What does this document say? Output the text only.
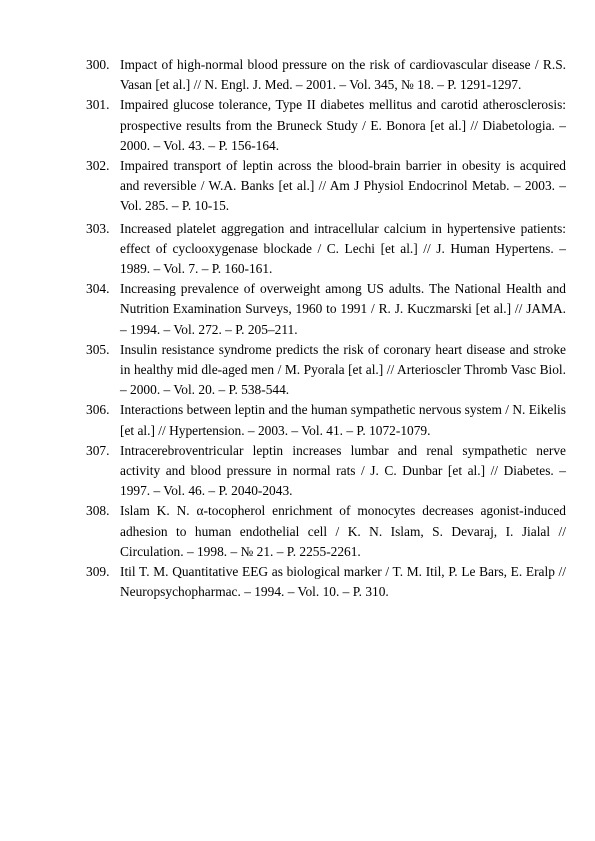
300. Impact of high-normal blood pressure on the risk of cardiovascular disease / R.S. Vasan [et al.] // N. Engl. J. Med. – 2001. – Vol. 345, № 18. – P. 1291-1297.
301. Impaired glucose tolerance, Type II diabetes mellitus and carotid atherosclerosis: prospective results from the Bruneck Study / E. Bonora [et al.] // Diabetologia. – 2000. – Vol. 43. – P. 156-164.
302. Impaired transport of leptin across the blood-brain barrier in obesity is acquired and reversible / W.A. Banks [et al.] // Am J Physiol Endocrinol Metab. – 2003. – Vol. 285. – P. 10-15.
303. Increased platelet aggregation and intracellular calcium in hypertensive patients: effect of cyclooxygenase blockade / C. Lechi [et al.] // J. Human Hypertens. – 1989. – Vol. 7. – P. 160-161.
304. Increasing prevalence of overweight among US adults. The National Health and Nutrition Examination Surveys, 1960 to 1991 / R. J. Kuczmarski [et al.] // JAMA. – 1994. – Vol. 272. – P. 205–211.
305. Insulin resistance syndrome predicts the risk of coronary heart disease and stroke in healthy mid dle-aged men / M. Pyorala [et al.] // Arterioscler Thromb Vasc Biol. – 2000. – Vol. 20. – P. 538-544.
306. Interactions between leptin and the human sympathetic nervous system / N. Eikelis [et al.] // Hypertension. – 2003. – Vol. 41. – P. 1072-1079.
307. Intracerebroventricular leptin increases lumbar and renal sympathetic nerve activity and blood pressure in normal rats / J. C. Dunbar [et al.] // Diabetes. – 1997. – Vol. 46. – P. 2040-2043.
308. Islam K. N. α-tocopherol enrichment of monocytes decreases agonist-induced adhesion to human endothelial cell / K. N. Islam, S. Devaraj, I. Jialal // Circulation. – 1998. – № 21. – P. 2255-2261.
309. Itil T. M. Quantitative EEG as biological marker / T. M. Itil, P. Le Bars, E. Eralp // Neuropsychopharmac. – 1994. – Vol. 10. – P. 310.
